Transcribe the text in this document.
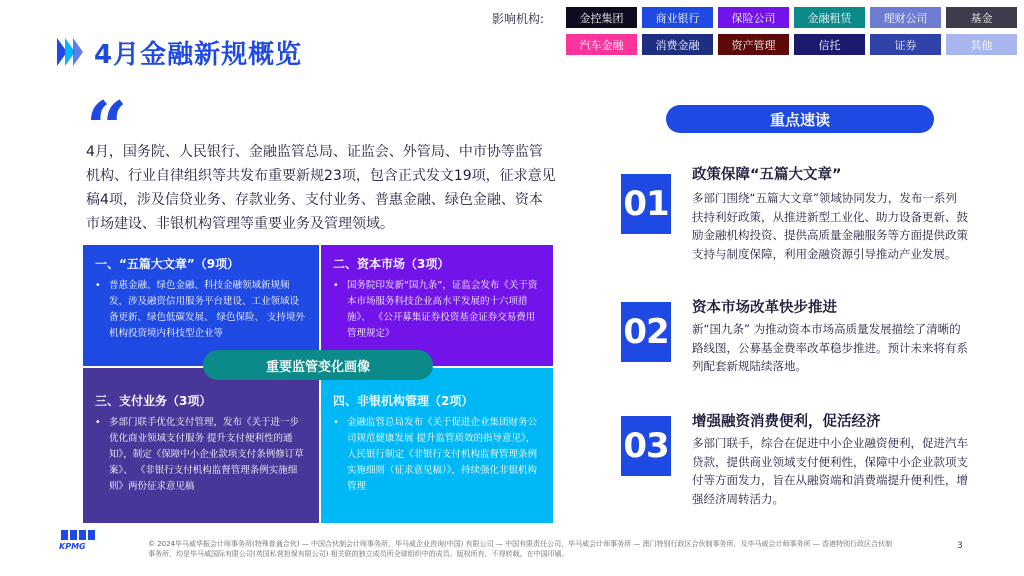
4月金融新规概览
影响机构:	金控集团	商业银行	保险公司	金融租赁	理财公司	基金
汽车金融	消费金融	资产管理	信托	证券	其他
“
4月，国务院、人民银行、金融监管总局、证监会、外管局、中市协等监管机构、行业自律组织等共发布重要新规23项，包含正式发文19项，征求意见稿4项，涉及信贷业务、存款业务、支付业务、普惠金融、绿色金融、资本市场建设、非银机构管理等重要业务及管理领域。
一、“五篇大文章”（9项）
• 普惠金融、绿色金融、科技金融领域新规频发，涉及融资信用服务平台建设、工业领域设备更新、绿色低碳发展、 绿色保险、 支持境外机构投资境内科技型企业等
二、资本市场（3项）
• 国务院印发新“国九条”，证监会发布《关于资本市场服务科技企业高水平发展的十六项措施》、 《公开募集证券投资基金证券交易费用管理规定》
三、支付业务（3项）
• 多部门联手优化支付管理，发布《关于进一步优化商业领域支付服务 提升支付便利性的通知》，制定《保障中小企业款项支付条例修订草案》、 《非银行支付机构监督管理条例实施细则》两份征求意见稿
四、非银机构管理（2项）
• 金融监管总局发布《关于促进企业集团财务公司规范健康发展 提升监管质效的指导意见》， 人民银行制定《非银行支付机构监督管理条例实施细则（征求意见稿）》，持续强化非银机构管理
重要监管变化画像
重点速读
01
政策保障“五篇大文章”
多部门围绕“五篇大文章”领域协同发力，发布一系列扶持利好政策，从推进新型工业化、助力设备更新、鼓励金融机构投资、提供高质量金融服务等方面提供政策支持与制度保障，利用金融资源引导推动产业发展。
02
资本市场改革快步推进
新“国九条” 为推动资本市场高质量发展描绘了清晰的路线图，公募基金费率改革稳步推进。预计未来将有系列配套新规陆续落地。
03
增强融资消费便利，促活经济
多部门联手，综合在促进中小企业融资便利，促进汽车贷款，提供商业领域支付便利性，保障中小企业款项支付等方面发力，旨在从融资端和消费端提升便利性，增强经济周转活力。
KPMG	© 2024毕马威华振会计师事务所(特殊普通合伙) — 中国合伙制会计师事务所，毕马威企业咨询(中国) 有限公司 — 中国有限责任公司，毕马威会计师事务所 — 澳门特别行政区合伙制事务所，及毕马威会计师事务所 — 香港特别行政区合伙制事务所，均是毕马威国际有限公司(英国私营担保有限公司) 相关联的独立成员所全球组织中的成员。版权所有，不得转载。在中国印刷。
3
